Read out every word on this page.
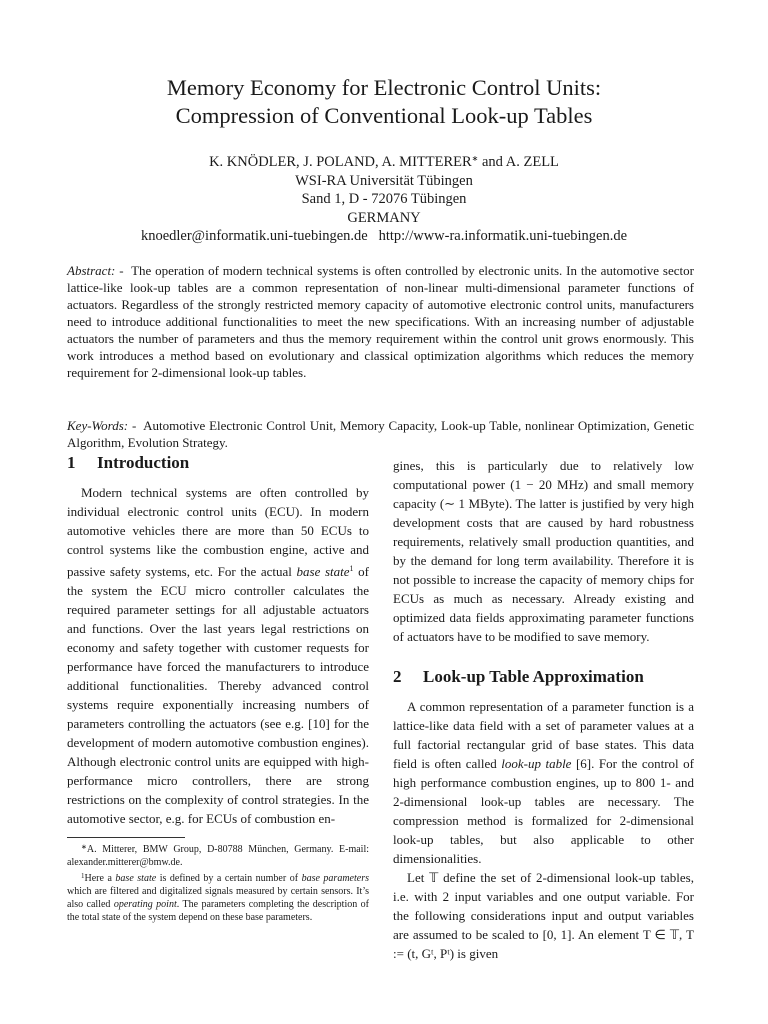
Memory Economy for Electronic Control Units:
Compression of Conventional Look-up Tables
K. KNÖDLER, J. POLAND, A. MITTERER∗ and A. ZELL
WSI-RA Universität Tübingen
Sand 1, D - 72076 Tübingen
GERMANY
knoedler@informatik.uni-tuebingen.de   http://www-ra.informatik.uni-tuebingen.de

Abstract: -  The operation of modern technical systems is often controlled by electronic units. In the automotive sector lattice-like look-up tables are a common representation of non-linear multi-dimensional parameter functions of actuators. Regardless of the strongly restricted memory capacity of automotive electronic control units, manufacturers need to introduce additional functionalities to meet the new specifications. With an increasing number of adjustable actuators the number of parameters and thus the memory requirement within the control unit grows enormously. This work introduces a method based on evolutionary and classical optimization algorithms which reduces the memory requirement for 2-dimensional look-up tables.

Key-Words: -  Automotive Electronic Control Unit, Memory Capacity, Look-up Table, nonlinear Optimization, Genetic Algorithm, Evolution Strategy.

1 Introduction

Modern technical systems are often controlled by individual electronic control units (ECU). In modern automotive vehicles there are more than 50 ECUs to control systems like the combustion engine, active and passive safety systems, etc. For the actual base state$^1$ of the system the ECU micro controller calculates the required parameter settings for all adjustable actuators and functions. Over the last years legal restrictions on economy and safety together with customer requests for performance have forced the manufacturers to introduce additional functionalities. Thereby advanced control systems require exponentially increasing numbers of parameters controlling the actuators (see e.g. [10] for the development of modern automotive combustion engines). Although electronic control units are equipped with high-performance micro controllers, there are strong restrictions on the complexity of control strategies. In the automotive sector, e.g. for ECUs of combustion en-

gines, this is particularly due to relatively low computational power (1 − 20 MHz) and small memory capacity (∼ 1 MByte). The latter is justified by very high development costs that are caused by hard robustness requirements, relatively small production quantities, and by the demand for long term availability. Therefore it is not possible to increase the capacity of memory chips for ECUs as much as necessary. Already existing and optimized data fields approximating parameter functions of actuators have to be modified to save memory.

2 Look-up Table Approximation

A common representation of a parameter function is a lattice-like data field with a set of parameter values at a full factorial rectangular grid of base states. This data field is often called look-up table [6]. For the control of high performance combustion engines, up to 800 1- and 2-dimensional look-up tables are necessary. The compression method is formalized for 2-dimensional look-up tables, but also applicable to other dimensionalities.

Let 𝕋 define the set of 2-dimensional look-up tables, i.e. with 2 input variables and one output variable. For the following considerations input and output variables are assumed to be scaled to [0, 1]. An element T ∈ 𝕋, T := (t, Gᵗ, Pᵗ) is given

∗A. Mitterer, BMW Group, D-80788 München, Germany. E-mail: alexander.mitterer@bmw.de.

$^1$Here a base state is defined by a certain number of base parameters which are filtered and digitalized signals measured by certain sensors. It’s also called operating point. The parameters completing the description of the total state of the system depend on these base parameters.
